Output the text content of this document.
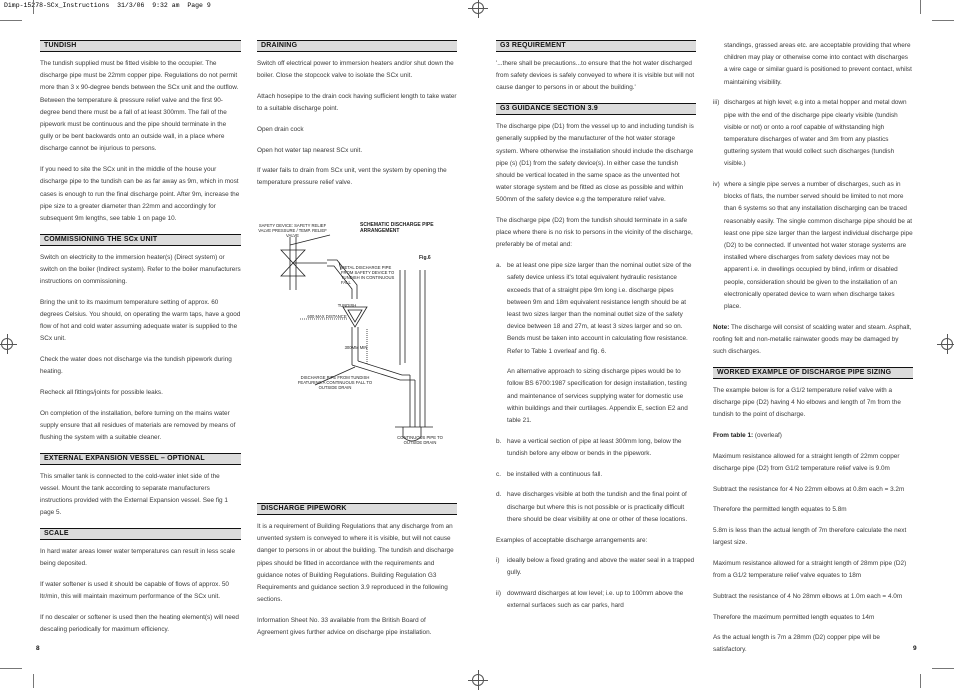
Dimp-15278-SCx_Instructions  31/3/06  9:32 am  Page 9
TUNDISH

The tundish supplied must be fitted visible to the occupier. The discharge pipe must be 22mm copper pipe. Regulations do not permit more than 3 x 90-degree bends between the SCx unit and the outflow. Between the temperature & pressure relief valve and the first 90-degree bend there must be a fall of at least 300mm. The fall of the pipework must be continuous and the pipe should terminate in the gully or be bent backwards onto an outside wall, in a place where discharge cannot be injurious to persons.

If you need to site the SCx unit in the middle of the house your discharge pipe to the tundish can be as far away as 9m, which in most cases is enough to run the final discharge point. After 9m, increase the pipe size to a greater diameter than 22mm and accordingly for subsequent 9m lengths, see table 1 on page 10.

COMMISSIONING THE SCx UNIT

Switch on electricity to the immersion heater(s) (Direct system) or switch on the boiler (Indirect system). Refer to the boiler manufacturers instructions on commissioning.

Bring the unit to its maximum temperature setting of approx. 60 degrees Celsius. You should, on operating the warm taps, have a good flow of hot and cold water assuming adequate water is supplied to the SCx unit.

Check the water does not discharge via the tundish pipework during heating.

Recheck all fittings/joints for possible leaks.

On completion of the installation, before turning on the mains water supply ensure that all residues of materials are removed by means of flushing the system with a suitable cleaner.

EXTERNAL EXPANSION VESSEL – OPTIONAL

This smaller tank is connected to the cold-water inlet side of the vessel. Mount the tank according to separate manufacturers instructions provided with the External Expansion vessel. See fig 1 page 5.

SCALE

In hard water areas lower water temperatures can result in less scale being deposited.

If water softener is used it should be capable of flows of approx. 50 ltr/min, this will maintain maximum performance of the SCx unit.

If no descaler or softener is used then the heating element(s) will need descaling periodically for maximum efficiency.

DRAINING

Switch off electrical power to immersion heaters and/or shut down the boiler. Close the stopcock valve to isolate the SCx unit.

Attach hosepipe to the drain cock having sufficient length to take water to a suitable discharge point.

Open drain cock

Open hot water tap nearest SCx unit.

If water fails to drain from SCx unit, vent the system by opening the temperature pressure relief valve.

SCHEMATIC DISCHARGE PIPE ARRANGEMENT
Fig.6
SAFETY DEVICE: SAFETY RELIEF VALVE PRESSURE / TEMP. RELIEF VALVE
METAL DISCHARGE PIPE FROM SAFETY DEVICE TO TUNDISH IN CONTINUOUS FALL
TUNDISH
600 MAX DISTANCE
300MM MIN
DISCHARGE PIPE FROM TUNDISH FEATURING A CONTINUOUS FALL TO OUTSIDE DRAIN
CONTINUOUS PIPE TO OUTSIDE DRAIN
DISCHARGE PIPEWORK

It is a requirement of Building Regulations that any discharge from an unvented system is conveyed to where it is visible, but will not cause danger to persons in or about the building. The tundish and discharge pipes should be fitted in accordance with the requirements and guidance notes of Building Regulations. Building Regulation G3 Requirements and guidance section 3.9 reproduced in the following sections.

Information Sheet No. 33 available from the British Board of Agreement gives further advice on discharge pipe installation.

G3 REQUIREMENT

'...there shall be precautions...to ensure that the hot water discharged from safety devices is safely conveyed to where it is visible but will not cause danger to persons in or about the building.'

G3 GUIDANCE SECTION 3.9

The discharge pipe (D1) from the vessel up to and including tundish is generally supplied by the manufacturer of the hot water storage system. Where otherwise the installation should include the discharge pipe (s) (D1) from the safety device(s). In either case the tundish should be vertical located in the same space as the unvented hot water storage system and be fitted as close as possible and within 500mm of the safety device e.g the temperature relief valve.

The discharge pipe (D2) from the tundish should terminate in a safe place where there is no risk to persons in the vicinity of the discharge, preferably be of metal and:

a. be at least one pipe size larger than the nominal outlet size of the safety device unless it's total equivalent hydraulic resistance exceeds that of a straight pipe 9m long i.e. discharge pipes between 9m and 18m equivalent resistance length should be at least two sizes larger than the nominal outlet size of the safety device between 18 and 27m, at least 3 sizes larger and so on. Bends must be taken into account in calculating flow resistance. Refer to Table 1 overleaf and fig. 6.
An alternative approach to sizing discharge pipes would be to follow BS 6700:1987 specification for design installation, testing and maintenance of services supplying water for domestic use within buildings and their curtilages. Appendix E, section E2 and table 21.
b. have a vertical section of pipe at least 300mm long, below the tundish before any elbow or bends in the pipework.
c. be installed with a continuous fall.
d. have discharges visible at both the tundish and the final point of discharge but where this is not possible or is practically difficult there should be clear visibility at one or other of these locations.

Examples of acceptable discharge arrangements are:

i)	ideally below a fixed grating and above the water seal in a trapped gully.
ii) downward discharges at low level; i.e. up to 100mm above the external surfaces such as car parks, hard
standings, grassed areas etc. are acceptable providing that where children may play or otherwise come into contact with discharges a wire cage or similar guard is positioned to prevent contact, whilst maintaining visibility.
iii) discharges at high level; e.g into a metal hopper and metal down pipe with the end of the discharge pipe clearly visible (tundish visible or not) or onto a roof capable of withstanding high temperature discharges of water and 3m from any plastics guttering system that would collect such discharges (tundish visible.)
iv) where a single pipe serves a number of discharges, such as in blocks of flats, the number served should be limited to not more than 6 systems so that any installation discharging can be traced reasonably easily. The single common discharge pipe should be at least one pipe size larger than the largest individual discharge pipe (D2) to be connected. If unvented hot water storage systems are installed where discharges from safety devices may not be apparent i.e. in dwellings occupied by blind, infirm or disabled people, consideration should be given to the installation of an electronically operated device to warn when discharge takes place.

Note: The discharge will consist of scalding water and steam. Asphalt, roofing felt and non-metallic rainwater goods may be damaged by such discharges.

WORKED EXAMPLE OF DISCHARGE PIPE SIZING

The example below is for a G1/2 temperature relief valve with a discharge pipe (D2) having 4 No elbows and length of 7m from the tundish to the point of discharge.

From table 1: (overleaf)

Maximum resistance allowed for a straight length of 22mm copper discharge pipe (D2) from G1/2 temperature relief valve is 9.0m

Subtract the resistance for 4 No 22mm elbows at 0.8m each = 3.2m

Therefore the permitted length equates to 5.8m

5.8m is less than the actual length of 7m therefore calculate the next largest size.

Maximum resistance allowed for a straight length of 28mm pipe (D2) from a G1/2 temperature relief valve equates to 18m

Subtract the resistance of 4 No 28mm elbows at 1.0m each = 4.0m

Therefore the maximum permitted length equates to 14m

As the actual length is 7m a 28mm (D2) copper pipe will be satisfactory.

8	9
